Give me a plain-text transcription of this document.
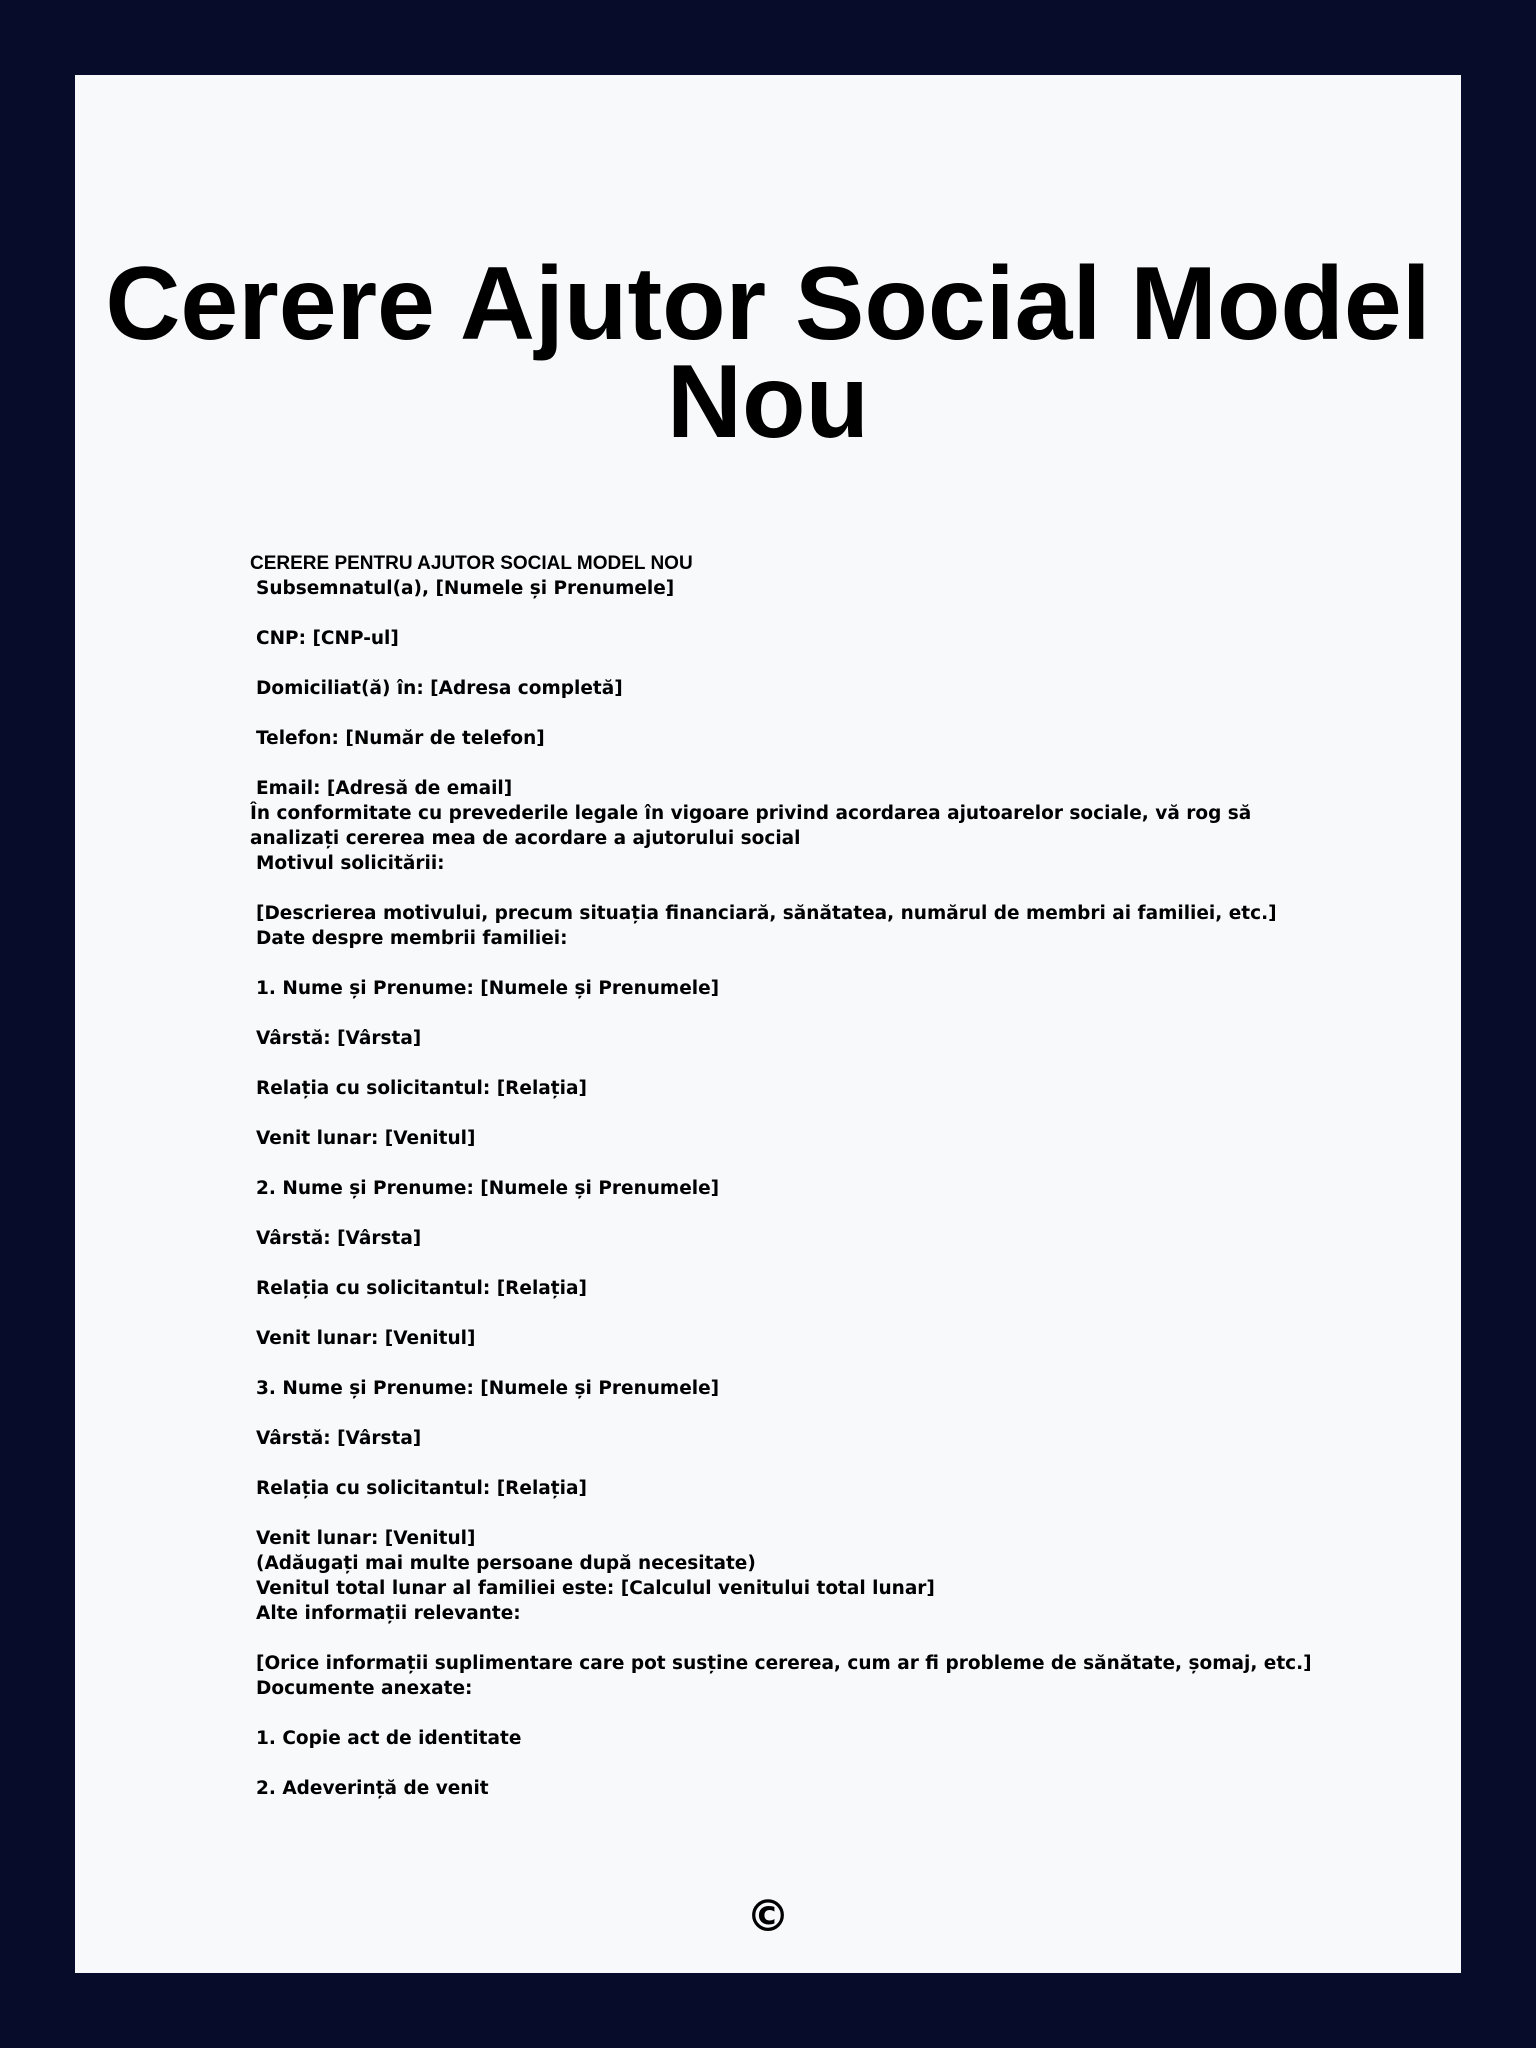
Cerere Ajutor Social Model Nou

CERERE PENTRU AJUTOR SOCIAL MODEL NOU

Subsemnatul(a), [Numele și Prenumele]

CNP: [CNP-ul]

Domiciliat(ă) în: [Adresa completă]

Telefon: [Număr de telefon]

Email: [Adresă de email]

În conformitate cu prevederile legale în vigoare privind acordarea ajutoarelor sociale, vă rog să analizați cererea mea de acordare a ajutorului social

Motivul solicitării:

[Descrierea motivului, precum situația financiară, sănătatea, numărul de membri ai familiei, etc.]

Date despre membrii familiei:

1. Nume și Prenume: [Numele și Prenumele]

Vârstă: [Vârsta]

Relația cu solicitantul: [Relația]

Venit lunar: [Venitul]

2. Nume și Prenume: [Numele și Prenumele]

Vârstă: [Vârsta]

Relația cu solicitantul: [Relația]

Venit lunar: [Venitul]

3. Nume și Prenume: [Numele și Prenumele]

Vârstă: [Vârsta]

Relația cu solicitantul: [Relația]

Venit lunar: [Venitul]

(Adăugați mai multe persoane după necesitate)

Venitul total lunar al familiei este: [Calculul venitului total lunar]

Alte informații relevante:

[Orice informații suplimentare care pot susține cererea, cum ar fi probleme de sănătate, șomaj, etc.]

Documente anexate:

1. Copie act de identitate

2. Adeverință de venit

©
